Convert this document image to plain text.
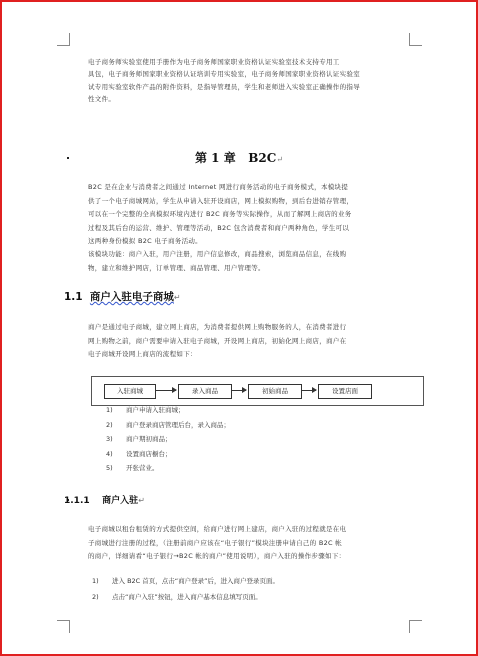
电子商务师实验室使用手册作为电子商务师国家职业资格认证实验室技术支持专用工
具包，电子商务师国家职业资格认证培训专用实验室，电子商务师国家职业资格认证实验室
试专用实验室软件产品的附件资料，是指导管理员，学生和老师进入实验室正确操作的指导
性文件。
第 1 章 B2C↵
B2C 是在企业与消费者之间通过 Internet 网进行商务活动的电子商务模式，本模块提
供了一个电子商城网站，学生从申请入驻开设商店，网上模拟购物，到后台进销存管理，
可以在一个完整的全真模拟环境内进行 B2C 商务等实际操作，从而了解网上商店的业务
过程及其后台的运营、维护、管理等活动，B2C 包含消费者和商户两种角色，学生可以
这两种身份模拟 B2C 电子商务活动。
该模块功能：商户入驻，用户注册，用户信息修改，商品搜索，浏览商品信息，在线购
物，建立和维护网店，订单管理、商品管理、用户管理等。
1.1 商户入驻电子商城↵
商户是通过电子商城，建立网上商店，为消费者提供网上购物服务的人，在消费者进行
网上购物之前，商户需要申请入驻电子商城，开设网上商店，初始化网上商店，商户在
电子商城开设网上商店的流程如下：
入驻商城	录入商品	初始商品	设置店面
1)	商户申请入驻商城；
2)	商户登录商店管理后台，录入商品；
3)	商户期初商品；
4)	设置商店橱台；
5)	开张营业。
1.1.1 商户入驻↵
电子商城以租台租赁的方式提供空间，给商户进行网上建店，商户入驻的过程就是在电
子商城进行注册的过程，（注册前商户应该在“电子银行”模块注册申请自己的 B2C 帐
的商户，详细请看“电子银行→B2C 帐的商户”使用说明），商户入驻的操作步骤如下：
1)	进入 B2C 首页，点击“商户登录”后，进入商户登录页面。
2)	点击“商户入驻”按钮，进入商户基本信息填写页面。
